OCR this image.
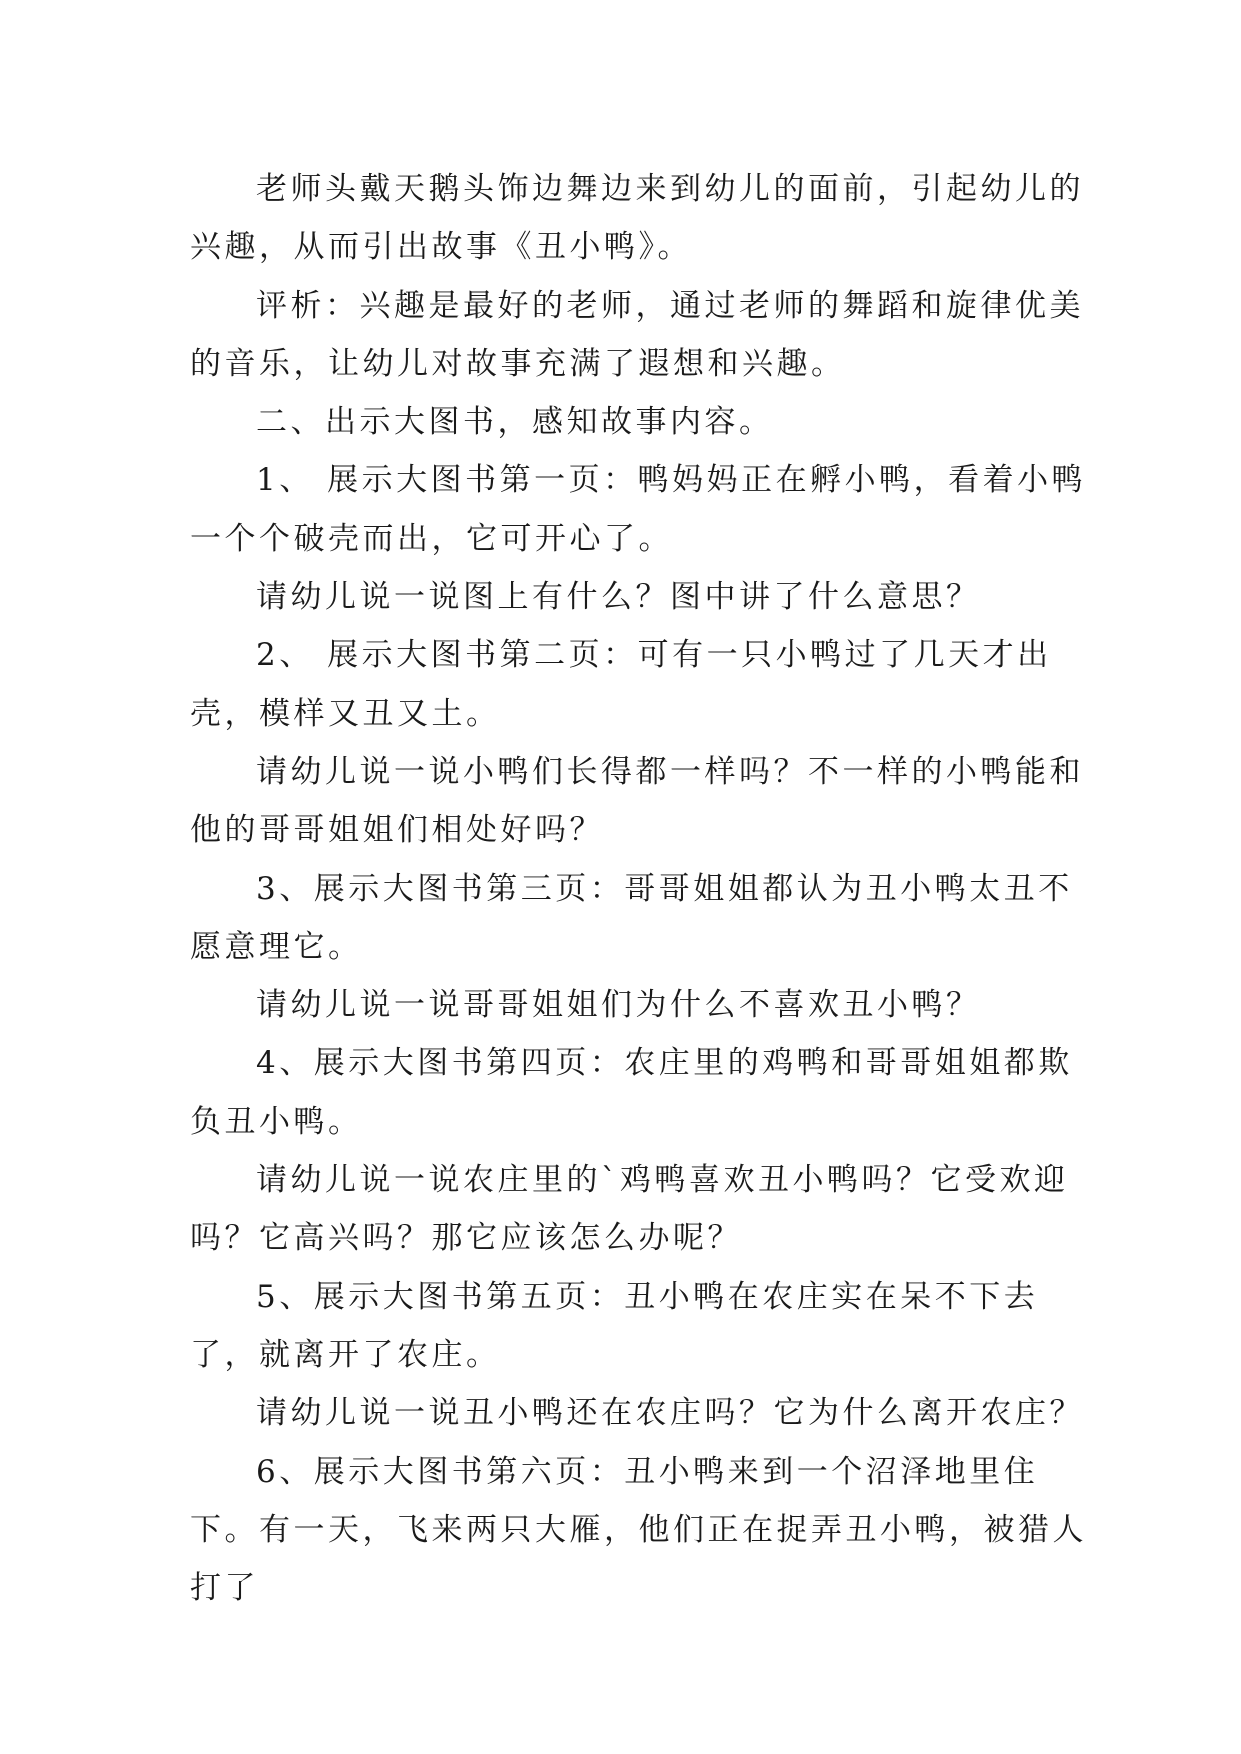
老师头戴天鹅头饰边舞边来到幼儿的面前，引起幼儿的兴趣，从而引出故事《丑小鸭》。

评析：兴趣是最好的老师，通过老师的舞蹈和旋律优美的音乐，让幼儿对故事充满了遐想和兴趣。

二、出示大图书，感知故事内容。

1、 展示大图书第一页：鸭妈妈正在孵小鸭，看着小鸭一个个破壳而出，它可开心了。

请幼儿说一说图上有什么？图中讲了什么意思？

2、 展示大图书第二页：可有一只小鸭过了几天才出壳，模样又丑又土。

请幼儿说一说小鸭们长得都一样吗？不一样的小鸭能和他的哥哥姐姐们相处好吗？

3、展示大图书第三页：哥哥姐姐都认为丑小鸭太丑不愿意理它。

请幼儿说一说哥哥姐姐们为什么不喜欢丑小鸭？

4、展示大图书第四页：农庄里的鸡鸭和哥哥姐姐都欺负丑小鸭。

请幼儿说一说农庄里的`鸡鸭喜欢丑小鸭吗？它受欢迎吗？它高兴吗？那它应该怎么办呢？

5、展示大图书第五页：丑小鸭在农庄实在呆不下去了，就离开了农庄。

请幼儿说一说丑小鸭还在农庄吗？它为什么离开农庄？

6、展示大图书第六页：丑小鸭来到一个沼泽地里住下。有一天，飞来两只大雁，他们正在捉弄丑小鸭，被猎人打了
